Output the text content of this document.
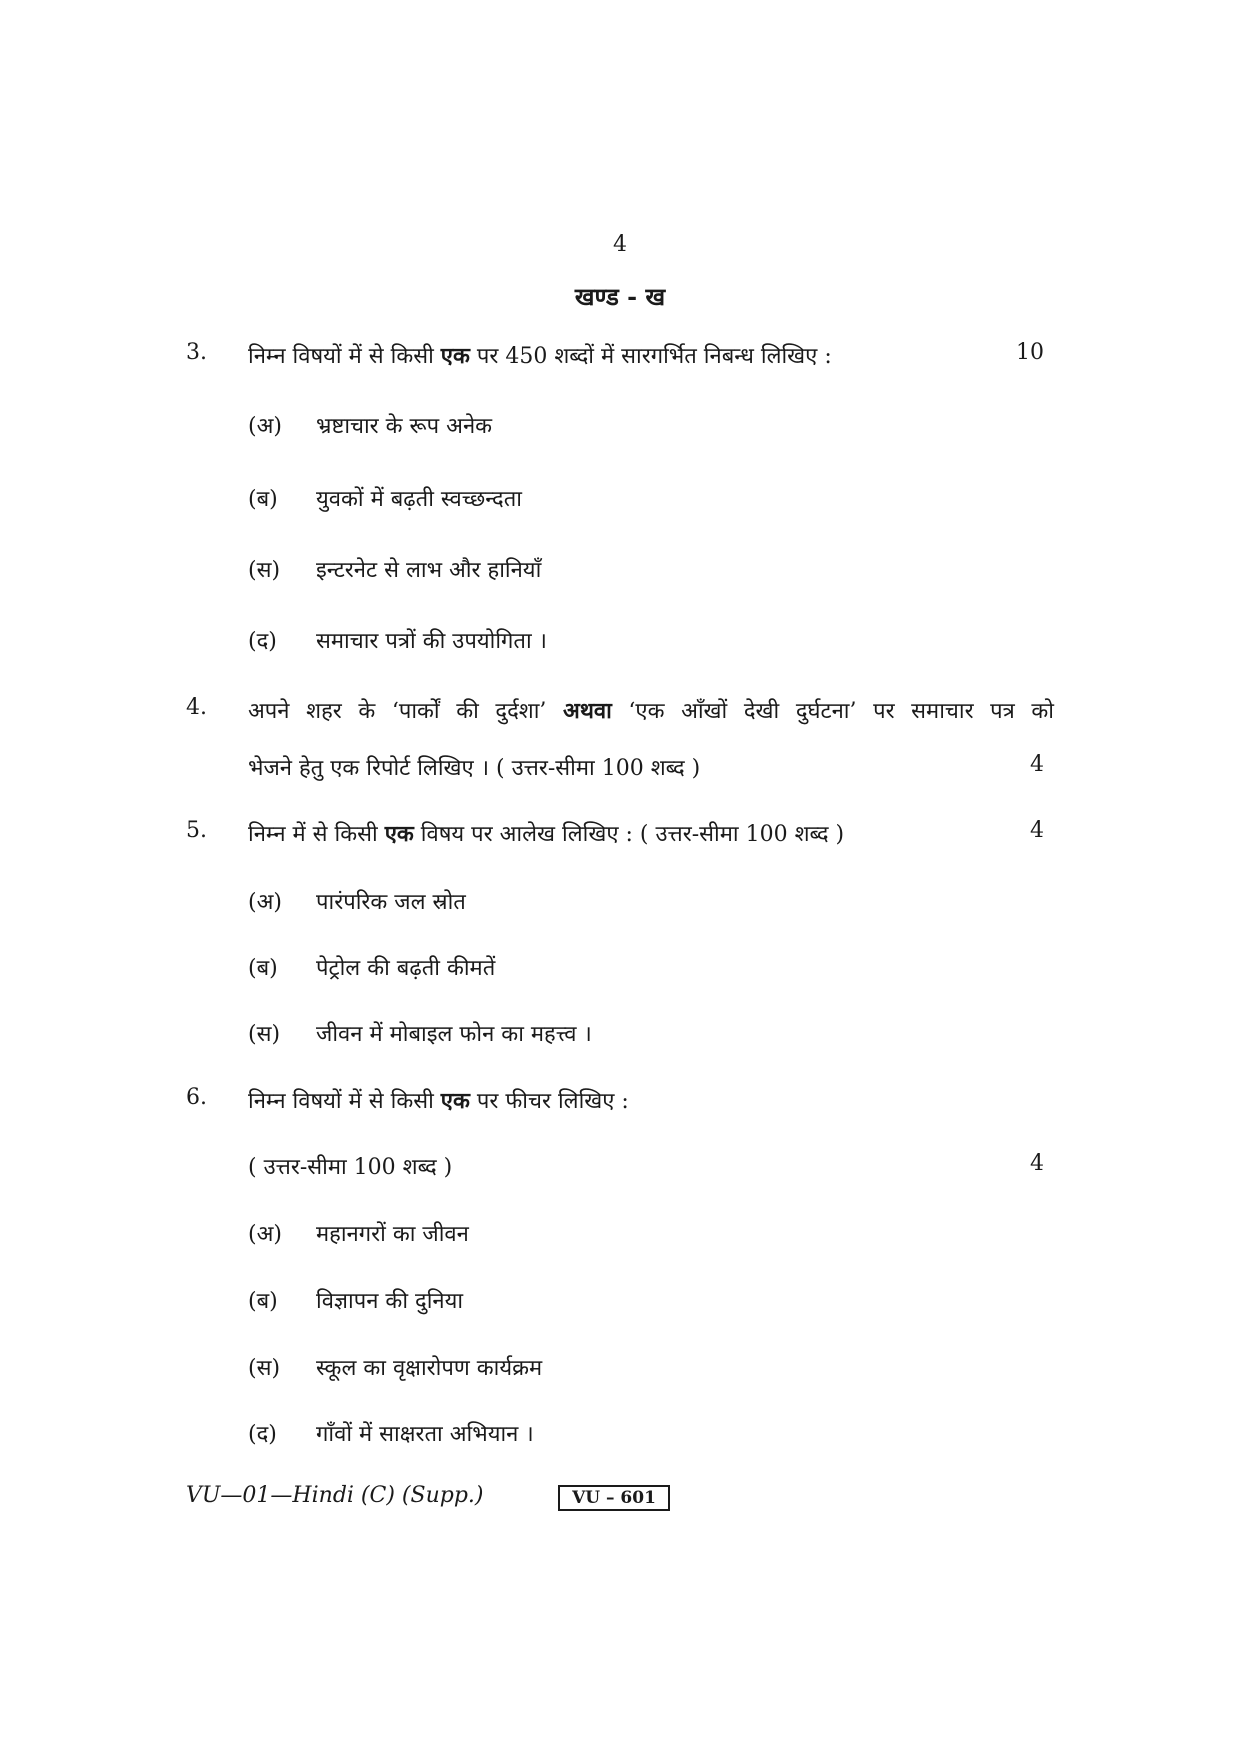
4
खण्ड - ख
3. निम्न विषयों में से किसी एक पर 450 शब्दों में सारगर्भित निबन्ध लिखिए :	10
(अ) भ्रष्टाचार के रूप अनेक
(ब) युवकों में बढ़ती स्वच्छन्दता
(स) इन्टरनेट से लाभ और हानियाँ
(द) समाचार पत्रों की उपयोगिता ।
4. अपने शहर के ‘पार्कों की दुर्दशा’ अथवा ‘एक आँखों देखी दुर्घटना’ पर समाचार पत्र को
भेजने हेतु एक रिपोर्ट लिखिए । ( उत्तर-सीमा 100 शब्द )	4
5. निम्न में से किसी एक विषय पर आलेख लिखिए : ( उत्तर-सीमा 100 शब्द )	4
(अ) पारंपरिक जल स्रोत
(ब) पेट्रोल की बढ़ती कीमतें
(स) जीवन में मोबाइल फोन का महत्त्व ।
6. निम्न विषयों में से किसी एक पर फीचर लिखिए :
( उत्तर-सीमा 100 शब्द )	4
(अ) महानगरों का जीवन
(ब) विज्ञापन की दुनिया
(स) स्कूल का वृक्षारोपण कार्यक्रम
(द) गाँवों में साक्षरता अभियान ।
VU—01—Hindi (C) (Supp.)	VU – 601
